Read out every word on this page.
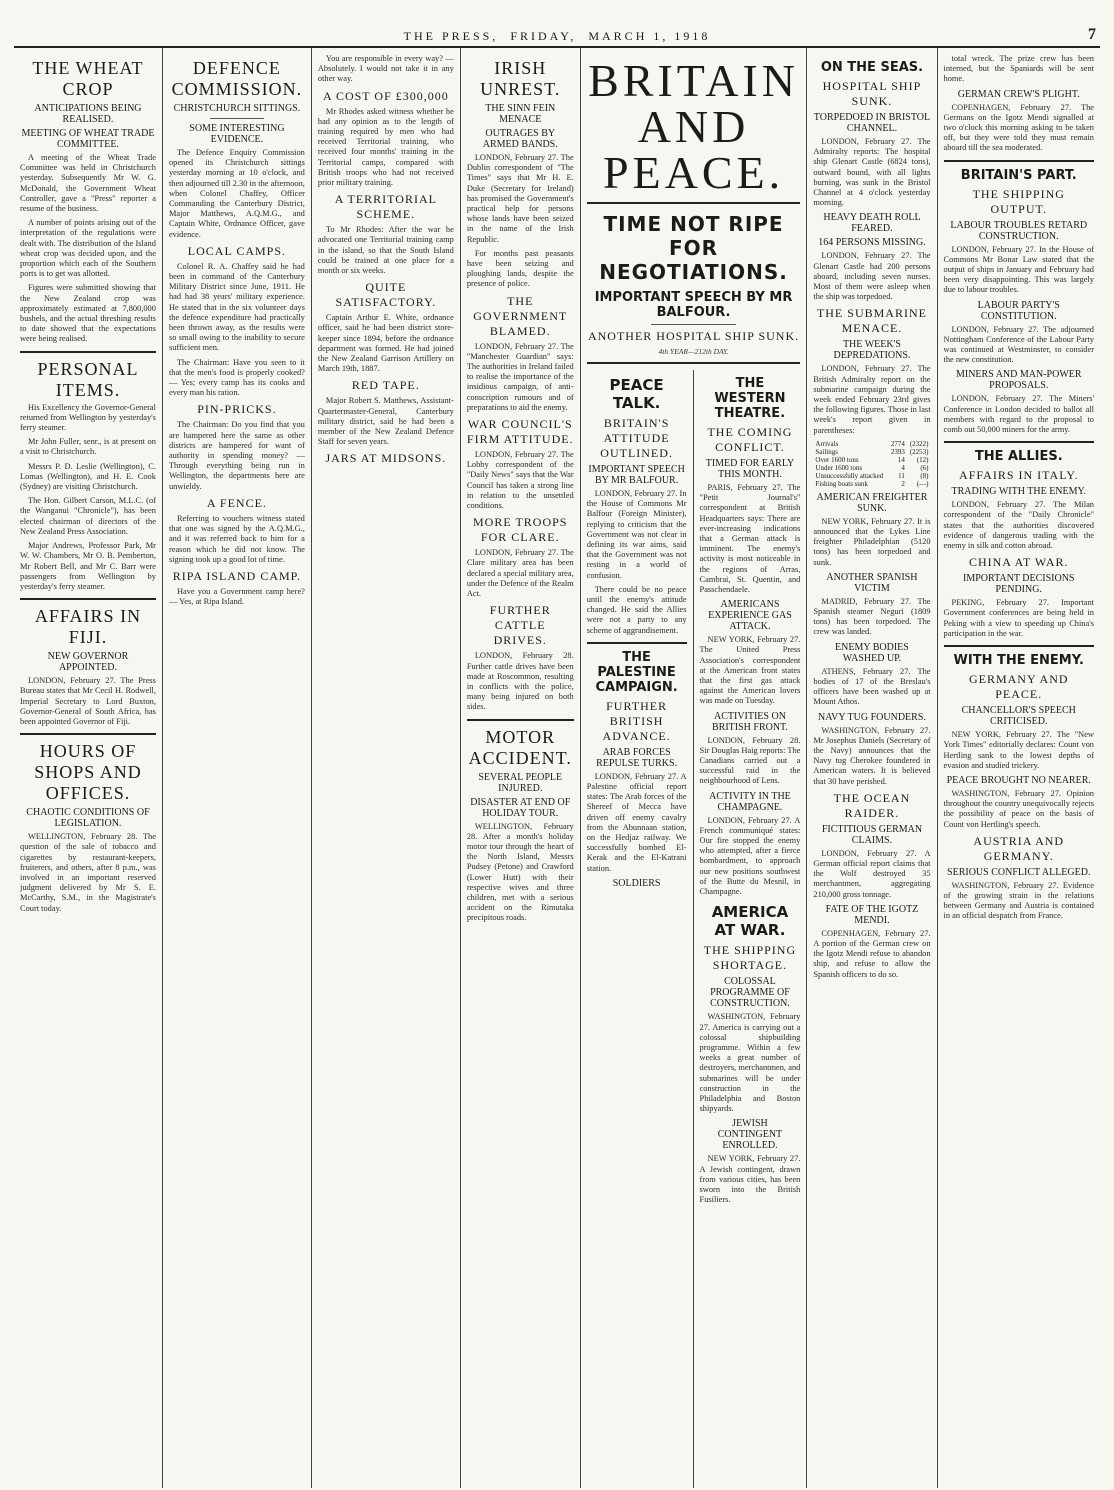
THE PRESS,
FRIDAY,
MARCH 1, 1918	7
THE WHEAT CROP
ANTICIPATIONS BEING REALISED.
MEETING OF WHEAT TRADE COMMITTEE.

A meeting of the Wheat Trade Committee was held in Christchurch yesterday. Subsequently Mr W. G. McDonald, the Government Wheat Controller, gave a "Press" reporter a resume of the business.

A number of points arising out of the interpretation of the regulations were dealt with. The distribution of the Island wheat crop was decided upon, and the proportion which each of the Southern ports is to get was allotted.

Figures were submitted showing that the New Zealand crop was approximately estimated at 7,800,000 bushels, and the actual threshing results to date showed that the expectations were being realised.

PERSONAL ITEMS.

His Excellency the Governor-General returned from Wellington by yesterday's ferry steamer.

Mr John Fuller, senr., is at present on a visit to Christchurch.

Messrs P. D. Leslie (Wellington), C. Lomas (Wellington), and H. E. Cook (Sydney) are visiting Christchurch.

The Hon. Gilbert Carson, M.L.C. (of the Wanganui "Chronicle"), has been elected chairman of directors of the New Zealand Press Association.

Major Andrews, Professor Park, Mr W. W. Chambers, Mr O. B. Pemberton, Mr Robert Bell, and Mr C. Barr were passengers from Wellington by yesterday's ferry steamer.

AFFAIRS IN FIJI.
NEW GOVERNOR APPOINTED.

LONDON, February 27. The Press Bureau states that Mr Cecil H. Rodwell, Imperial Secretary to Lord Buxton, Governor-General of South Africa, has been appointed Governor of Fiji.

HOURS OF SHOPS AND OFFICES.
CHAOTIC CONDITIONS OF LEGISLATION.

WELLINGTON, February 28. The question of the sale of tobacco and cigarettes by restaurant-keepers, fruiterers, and others, after 8 p.m., was involved in an important reserved judgment delivered by Mr S. E. McCarthy, S.M., in the Magistrate's Court today.

DEFENCE COMMISSION.
CHRISTCHURCH SITTINGS.
SOME INTERESTING EVIDENCE.

The Defence Enquiry Commission opened its Christchurch sittings yesterday morning at 10 o'clock, and then adjourned till 2.30 in the afternoon, when Colonel Chaffey, Officer Commanding the Canterbury District, Major Matthews, A.Q.M.G., and Captain White, Ordnance Officer, gave evidence.

LOCAL CAMPS.

Colonel R. A. Chaffey said he had been in command of the Canterbury Military District since June, 1911. He had had 38 years' military experience. He stated that in the six volunteer days the defence expenditure had practically been thrown away, as the results were so small owing to the inability to secure sufficient men.

The Chairman: Have you seen to it that the men's food is properly cooked? — Yes; every camp has its cooks and every man his ration.

PIN-PRICKS.

The Chairman: Do you find that you are hampered here the same as other districts are hampered for want of authority in spending money? — Through everything being run in Wellington, the departments here are unwieldy.

A FENCE.

Referring to vouchers witness stated that one was signed by the A.Q.M.G., and it was referred back to him for a reason which he did not know. The signing took up a good lot of time.

RIPA ISLAND CAMP.

Have you a Government camp here? — Yes, at Ripa Island.

You are responsible in every way? — Absolutely. I would not take it in any other way.

A COST OF £300,000

Mr Rhodes asked witness whether he had any opinion as to the length of training required by men who had received Territorial training, who received four months' training in the Territorial camps, compared with British troops who had not received prior military training.

A TERRITORIAL SCHEME.

To Mr Rhodes: After the war he advocated one Territorial training camp in the island, so that the South Island could be trained at one place for a month or six weeks.

QUITE SATISFACTORY.

Captain Arthur E. White, ordnance officer, said he had been district store-keeper since 1894, before the ordnance department was formed. He had joined the New Zealand Garrison Artillery on March 19th, 1887.

RED TAPE.

Major Robert S. Matthews, Assistant-Quartermaster-General, Canterbury military district, said he had been a member of the New Zealand Defence Staff for seven years.

JARS AT MIDSONS.
IRISH UNREST.
THE SINN FEIN MENACE
OUTRAGES BY ARMED BANDS.

LONDON, February 27. The Dublin correspondent of "The Times" says that Mr H. E. Duke (Secretary for Ireland) has promised the Government's practical help for persons whose lands have been seized in the name of the Irish Republic.

For months past peasants have been seizing and ploughing lands, despite the presence of police.

THE GOVERNMENT BLAMED.

LONDON, February 27. The "Manchester Guardian" says: The authorities in Ireland failed to realise the importance of the insidious campaign, of anti-conscription rumours and of preparations to aid the enemy.

WAR COUNCIL'S FIRM ATTITUDE.

LONDON, February 27. The Lobby correspondent of the "Daily News" says that the War Council has taken a strong line in relation to the unsettled conditions.

MORE TROOPS FOR CLARE.

LONDON, February 27. The Clare military area has been declared a special military area, under the Defence of the Realm Act.

FURTHER CATTLE DRIVES.

LONDON, February 28. Further cattle drives have been made at Roscommon, resulting in conflicts with the police, many being injured on both sides.

MOTOR ACCIDENT.
SEVERAL PEOPLE INJURED.
DISASTER AT END OF HOLIDAY TOUR.

WELLINGTON, February 28. After a month's holiday motor tour through the heart of the North Island, Messrs Pudsey (Petone) and Crawford (Lower Hutt) with their respective wives and three children, met with a serious accident on the Rimutaka precipitous roads.

BRITAIN AND PEACE.
TIME NOT RIPE FOR NEGOTIATIONS.
IMPORTANT SPEECH BY MR BALFOUR.
ANOTHER HOSPITAL SHIP SUNK.
4th YEAR—212th DAY.
PEACE TALK.
BRITAIN'S ATTITUDE OUTLINED.
IMPORTANT SPEECH BY MR BALFOUR.

LONDON, February 27. In the House of Commons Mr Balfour (Foreign Minister), replying to criticism that the Government was not clear in defining its war aims, said that the Government was not resting in a world of confusion.

There could be no peace until the enemy's attitude changed. He said the Allies were not a party to any scheme of aggrandisement.

THE PALESTINE CAMPAIGN.
FURTHER BRITISH ADVANCE.
ARAB FORCES REPULSE TURKS.

LONDON, February 27. A Palestine official report states: The Arab forces of the Shereef of Mecca have driven off enemy cavalry from the Abunnaan station, on the Hedjaz railway. We successfully bombed El-Kerak and the El-Katrani station.

SOLDIERS
THE WESTERN THEATRE.
THE COMING CONFLICT.
TIMED FOR EARLY THIS MONTH.

PARIS, February 27. The "Petit Journal's" correspondent at British Headquarters says: There are ever-increasing indications that a German attack is imminent. The enemy's activity is most noticeable in the regions of Arras, Cambrai, St. Quentin, and Passchendaele.

AMERICANS EXPERIENCE GAS ATTACK.

NEW YORK, February 27. The United Press Association's correspondent at the American front states that the first gas attack against the American lovers was made on Tuesday.

ACTIVITIES ON BRITISH FRONT.

LONDON, February 28. Sir Douglas Haig reports: The Canadians carried out a successful raid in the neighbourhood of Lens.

ACTIVITY IN THE CHAMPAGNE.

LONDON, February 27. A French communiqué states: Our fire stopped the enemy who attempted, after a fierce bombardment, to approach our new positions southwest of the Butte du Mesnil, in Champagne.

AMERICA AT WAR.
THE SHIPPING SHORTAGE.
COLOSSAL PROGRAMME OF CONSTRUCTION.

WASHINGTON, February 27. America is carrying out a colossal shipbuilding programme. Within a few weeks a great number of destroyers, merchantmen, and submarines will be under construction in the Philadelphia and Boston shipyards.

JEWISH CONTINGENT ENROLLED.

NEW YORK, February 27. A Jewish contingent, drawn from various cities, has been sworn into the British Fusiliers.

ON THE SEAS.
HOSPITAL SHIP SUNK.
TORPEDOED IN BRISTOL CHANNEL.

LONDON, February 27. The Admiralty reports: The hospital ship Glenart Castle (6824 tons), outward bound, with all lights burning, was sunk in the Bristol Channel at 4 o'clock yesterday morning.

HEAVY DEATH ROLL FEARED.
164 PERSONS MISSING.

LONDON, February 27. The Glenart Castle had 200 persons aboard, including seven nurses. Most of them were asleep when the ship was torpedoed.

THE SUBMARINE MENACE.
THE WEEK'S DEPREDATIONS.

LONDON, February 27. The British Admiralty report on the submarine campaign during the week ended February 23rd gives the following figures. Those in last week's report given in parentheses:

Arrivals	2774	(2322)
Sailings	2393	(2253)
Over 1600 tons	14	(12)
Under 1600 tons	4	(6)
Unsuccessfully attacked	11	(8)
Fishing boats sunk	2	(—)
AMERICAN FREIGHTER SUNK.

NEW YORK, February 27. It is announced that the Lykes Line freighter Philadelphian (5120 tons) has been torpedoed and sunk.

ANOTHER SPANISH VICTIM

MADRID, February 27. The Spanish steamer Neguri (1809 tons) has been torpedoed. The crew was landed.

ENEMY BODIES WASHED UP.

ATHENS, February 27. The bodies of 17 of the Breslau's officers have been washed up at Mount Athos.

NAVY TUG FOUNDERS.

WASHINGTON, February 27. Mr Josephus Daniels (Secretary of the Navy) announces that the Navy tug Cherokee foundered in American waters. It is believed that 30 have perished.

THE OCEAN RAIDER.
FICTITIOUS GERMAN CLAIMS.

LONDON, February 27. A German official report claims that the Wolf destroyed 35 merchantmen, aggregating 210,000 gross tonnage.

FATE OF THE IGOTZ MENDI.

COPENHAGEN, February 27. A portion of the German crew on the Igotz Mendi refuse to abandon ship, and refuse to allow the Spanish officers to do so.

total wreck. The prize crew has been interned, but the Spaniards will be sent home.

GERMAN CREW'S PLIGHT.

COPENHAGEN, February 27. The Germans on the Igotz Mendi signalled at two o'clock this morning asking to be taken off, but they were told they must remain aboard till the sea moderated.

BRITAIN'S PART.
THE SHIPPING OUTPUT.
LABOUR TROUBLES RETARD CONSTRUCTION.

LONDON, February 27. In the House of Commons Mr Bonar Law stated that the output of ships in January and February had been very disappointing. This was largely due to labour troubles.

LABOUR PARTY'S CONSTITUTION.

LONDON, February 27. The adjourned Nottingham Conference of the Labour Party was continued at Westminster, to consider the new constitution.

MINERS AND MAN-POWER PROPOSALS.

LONDON, February 27. The Miners' Conference in London decided to ballot all members with regard to the proposal to comb out 50,000 miners for the army.

THE ALLIES.
AFFAIRS IN ITALY.
TRADING WITH THE ENEMY.

LONDON, February 27. The Milan correspondent of the "Daily Chronicle" states that the authorities discovered evidence of dangerous trading with the enemy in silk and cotton abroad.

CHINA AT WAR.
IMPORTANT DECISIONS PENDING.

PEKING, February 27. Important Government conferences are being held in Peking with a view to speeding up China's participation in the war.

WITH THE ENEMY.
GERMANY AND PEACE.
CHANCELLOR'S SPEECH CRITICISED.

NEW YORK, February 27. The "New York Times" editorially declares: Count von Hertling sank to the lowest depths of evasion and studied trickery.

PEACE BROUGHT NO NEARER.

WASHINGTON, February 27. Opinion throughout the country unequivocally rejects the possibility of peace on the basis of Count von Hertling's speech.

AUSTRIA AND GERMANY.
SERIOUS CONFLICT ALLEGED.

WASHINGTON, February 27. Evidence of the growing strain in the relations between Germany and Austria is contained in an official despatch from France.
